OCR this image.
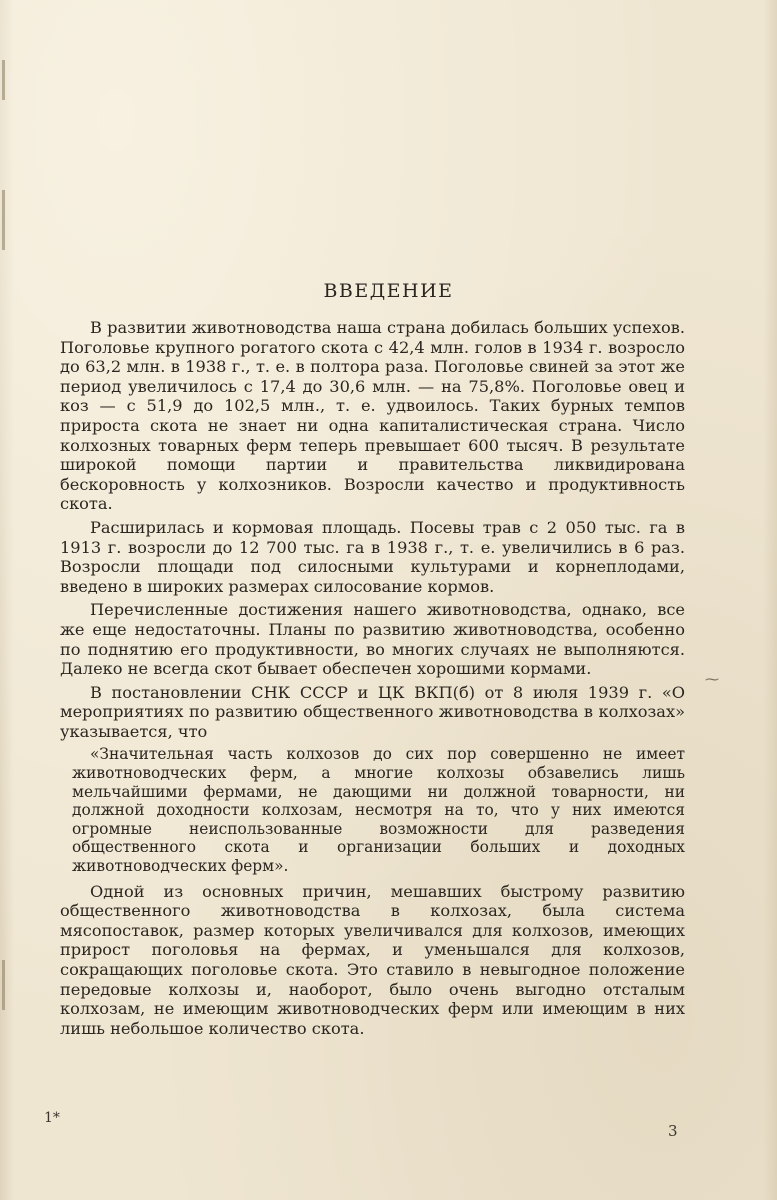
⁓
ВВЕДЕНИЕ

В развитии животноводства наша страна добилась больших успехов. Поголовье крупного рогатого скота с 42,4 млн. голов в 1934 г. возросло до 63,2 млн. в 1938 г., т. е. в полтора раза. Поголовье свиней за этот же период увеличилось с 17,4 до 30,6 млн. — на 75,8%. Поголовье овец и коз — с 51,9 до 102,5 млн., т. е. удвоилось. Таких бурных темпов прироста скота не знает ни одна капиталистическая страна. Число колхозных товарных ферм теперь превышает 600 тысяч. В результате широкой помощи партии и правительства ликвидирована бескоровность у колхозников. Возросли качество и продуктивность скота.

Расширилась и кормовая площадь. Посевы трав с 2 050 тыс. га в 1913 г. возросли до 12 700 тыс. га в 1938 г., т. е. увеличились в 6 раз. Возросли площади под силосными культурами и корнеплодами, введено в широких размерах силосование кормов.

Перечисленные достижения нашего животноводства, однако, все же еще недостаточны. Планы по развитию животноводства, особенно по поднятию его продуктивности, во многих случаях не выполняются. Далеко не всегда скот бывает обеспечен хорошими кормами.

В постановлении СНК СССР и ЦК ВКП(б) от 8 июля 1939 г. «О мероприятиях по развитию общественного животноводства в колхозах» указывается, что

«Значительная часть колхозов до сих пор совершенно не имеет животноводческих ферм, а многие колхозы обзавелись лишь мельчайшими фермами, не дающими ни должной товарности, ни должной доходности колхозам, несмотря на то, что у них имеются огромные неиспользованные возможности для разведения общественного скота и организации больших и доходных животноводческих ферм».

Одной из основных причин, мешавших быстрому развитию общественного животноводства в колхозах, была система мясопоставок, размер которых увеличивался для колхозов, имеющих прирост поголовья на фермах, и уменьшался для колхозов, сокращающих поголовье скота. Это ставило в невыгодное положение передовые колхозы и, наоборот, было очень выгодно отсталым колхозам, не имеющим животноводческих ферм или имеющим в них лишь небольшое количество скота.

1*
3
